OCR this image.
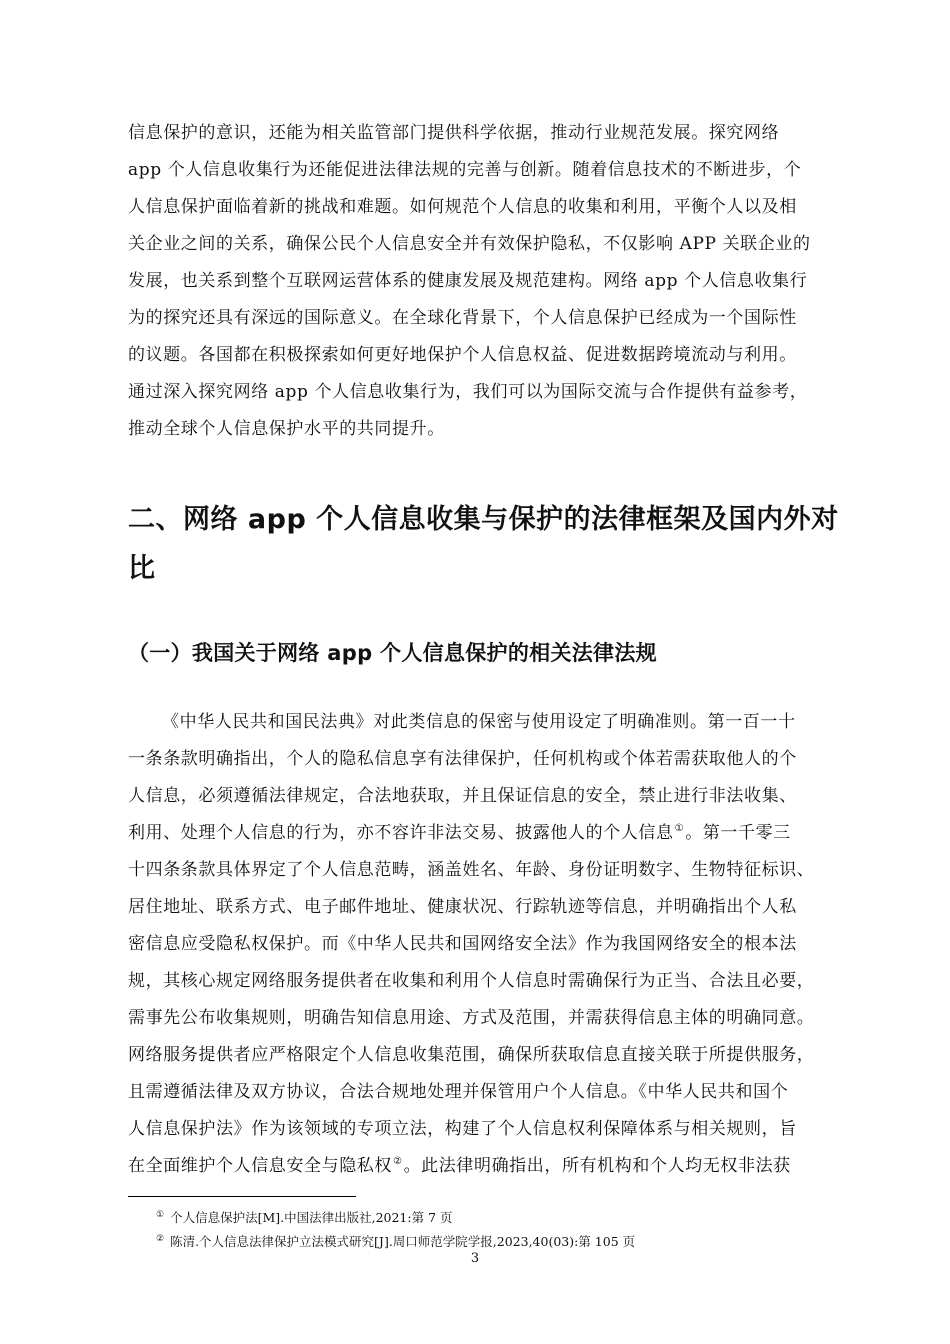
信息保护的意识，还能为相关监管部门提供科学依据，推动行业规范发展。探究网络
app 个人信息收集行为还能促进法律法规的完善与创新。随着信息技术的不断进步，个
人信息保护面临着新的挑战和难题。如何规范个人信息的收集和利用，平衡个人以及相
关企业之间的关系，确保公民个人信息安全并有效保护隐私，不仅影响 APP 关联企业的
发展，也关系到整个互联网运营体系的健康发展及规范建构。网络 app 个人信息收集行
为的探究还具有深远的国际意义。在全球化背景下，个人信息保护已经成为一个国际性
的议题。各国都在积极探索如何更好地保护个人信息权益、促进数据跨境流动与利用。
通过深入探究网络 app 个人信息收集行为，我们可以为国际交流与合作提供有益参考，
推动全球个人信息保护水平的共同提升。
二、网络 app 个人信息收集与保护的法律框架及国内外对
比
（一）我国关于网络 app 个人信息保护的相关法律法规
《中华人民共和国民法典》对此类信息的保密与使用设定了明确准则。第一百一十
一条条款明确指出，个人的隐私信息享有法律保护，任何机构或个体若需获取他人的个
人信息，必须遵循法律规定，合法地获取，并且保证信息的安全，禁止进行非法收集、
利用、处理个人信息的行为，亦不容许非法交易、披露他人的个人信息①。第一千零三
十四条条款具体界定了个人信息范畴，涵盖姓名、年龄、身份证明数字、生物特征标识、
居住地址、联系方式、电子邮件地址、健康状况、行踪轨迹等信息，并明确指出个人私
密信息应受隐私权保护。而《中华人民共和国网络安全法》作为我国网络安全的根本法
规，其核心规定网络服务提供者在收集和利用个人信息时需确保行为正当、合法且必要，
需事先公布收集规则，明确告知信息用途、方式及范围，并需获得信息主体的明确同意。
网络服务提供者应严格限定个人信息收集范围，确保所获取信息直接关联于所提供服务，
且需遵循法律及双方协议，合法合规地处理并保管用户个人信息。《中华人民共和国个
人信息保护法》作为该领域的专项立法，构建了个人信息权利保障体系与相关规则，旨
在全面维护个人信息安全与隐私权②。此法律明确指出，所有机构和个人均无权非法获
① 个人信息保护法[M].中国法律出版社,2021:第 7 页
② 陈清.个人信息法律保护立法模式研究[J].周口师范学院学报,2023,40(03):第 105 页
3
